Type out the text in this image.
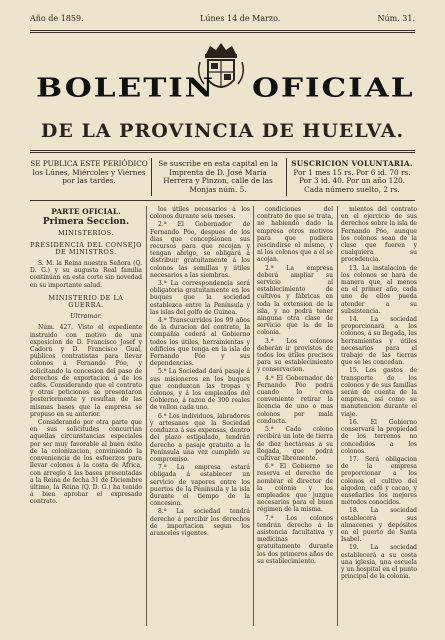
Año de 1859.	Lúnes 14 de Marzo.	Núm. 31.
BOLETIN OFICIAL
DE LA PROVINCIA DE HUELVA.
SE PUBLICA ESTE PERIÓDICO los Lúnes, Miércoles y Viérnes por las tardes.
Se suscribe en esta capital en la Imprenta de D. José María Herrera y Pinzon, calle de las Monjas núm. 5.
SUSCRICION VOLUNTARIA.
Por 1 mes 15 rs. Por 6 id. 70 rs.
Por 3 id. 40. Por un año 120.
Cada número suelto, 2 rs.
PARTE OFICIAL.
Primera Seccion.
MINISTERIOS.
PRESIDENCIA DEL CONSEJO DE MINISTROS.

S. M. la Reina nuestra Señora (Q. D. G.) y su augusta Real familia continúan en esta corte sin novedad en su importante salud.

MINISTERIO DE LA GUERRA.
Ultramar.

Núm. 427. Visto el expediente instruido con motivo de una exposicion de D. Francisco Josef y Cadorn y D. Francisco Gual, públicos contratistas para llevar colonos á Fernando Póo, y solicitando la concesion del paso de derechos de exportacion á de los cafés. Considerando que el contrato y otras peticiones se presentaron posteriormente y resultan de las mismas bases que la empresa se propuso en su anterior.

Considerando por otra parte que en sus solicitudes concurrian aquellas circunstancias especiales por ser muy favorable al buen éxito de la colonizacion, conviniendo la conveniencia de los esfuerzos para llevar colonos á la costa de Africa, con arreglo á las bases presentadas a la Reina de fecha 31 de Diciembre último, la Reina (Q. D. G.) ha tenido á bien aprobar el expresado contrato.

los útiles necesarios á los colonos durante seis meses.

2.ª El Gobernador de Fernando Póo, despues de los dias que concepsionen sus recursos para que recojan y tengan abrigo, se obligará á distribuir gratuitamente á los colonos las semillas y útiles necesarios a las siembras.

3.ª La correspondencia será obligatoria gratuitamente en los buques que la sociedad establezca entre la Península y las islas del golfo de Guinea.

4.ª Transcurridos los 99 años de la duracion del contrato, la compañía cederá al Gobierno todos los útiles, herramientas y edificios que tenga en la isla de Fernando Póo y sus dependencias.

5.ª La Sociedad dará pasaje á sus misioneros en los buques que conduzcan las tropas y colonos, y á los empleados del Gobierno, á razon de 300 reales de vellon cada uno.

6.ª Los individuos, labradores y artesanos que la Sociedad conduzca á sus expensas, dentro del plazo estipulado, tendrán derecho a pasaje gratuito a la Península una vez cumplido su compromiso.

7.ª La empresa estará obligada á establecer un servicio de vapores entre los puertos de la Península y la isla durante el tiempo de la concesion.

8.ª La sociedad tendrá derecho á percibir los derechos de importacion segun los aranceles vigentes.

condiciones del contrato de que se trata, no habiendo dado la empresa otros motivos para que pudiera rescindirse el mismo, y ni los colonos que a él se acojan.

2.ª La empresa deberá ampliar su servicio al establecimiento de cultivos y fábricas en toda la extension de la isla, y no podrá tener ninguna otra clase de servicio que la de la colonia.

3.ª Los colonos deberán ir provistos de todos los útiles precisos para su establecimiento y conservacion.

4.ª El Gobernador de Fernando Póo podrá cuando lo crea conveniente retirar la licencia de uno o mas colonos por mala conducta.

5.ª Cada colono recibirá un lote de tierra de diez hectáreas a su llegada, que podrá cultivar libremente.

6.ª El Gobierno se reserva el derecho de nombrar el director de la colonia y los empleados que juzgue necesarios para el buen régimen de la misma.

7.ª Los colonos tendrán derecho á la asistencia facultativa y medicinas gratuitamente durante los dos primeros años de su establecimiento.

mientos del contrato en el ejercicio de sus derechos sobre la isla de Fernando Póo, aunque los colonos sean de la clase que fueren y cualquiera su procedencia.

13. La instalacion de los colonos se hará de manera que, al menos en el primer año, cada uno de ellos pueda atender a su subsistencia.

14. La sociedad proporcionará a los colonos, á su llegada, las herramientas y útiles necesarios para el trabajo de las tierras que se les concedan.

15. Los gastos de transporte de los colonos y de sus familias serán de cuenta de la empresa, así como su manutencion durante el viaje.

16. El Gobierno conservará la propiedad de los terrenos no concedidos a los colonos.

17. Será obligacion de la empresa proporcionar a los colonos el cultivo del algodon, café y cacao, y enseñarles los mejores métodos conocidos.

18. La sociedad establecerá sus almacenes y depósitos en el puerto de Santa Isabel.

19. La sociedad establecerá a su costa una iglesia, una escuela y un hospital en el punto principal de la colonia.
